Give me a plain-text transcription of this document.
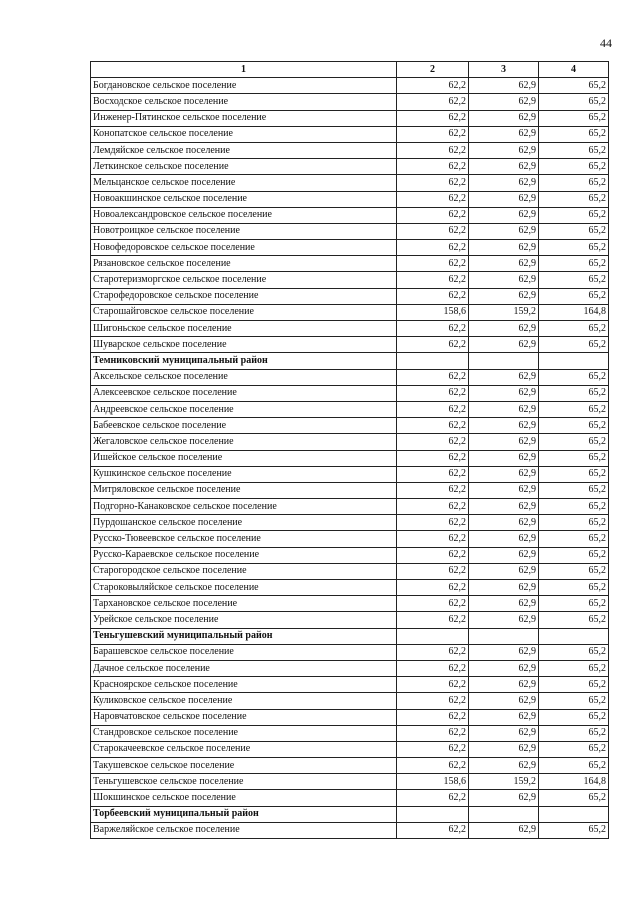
44
1	2	3	4
Богдановское сельское поселение	62,2	62,9	65,2
Восходское сельское поселение	62,2	62,9	65,2
Инженер-Пятинское сельское поселение	62,2	62,9	65,2
Конопатское сельское поселение	62,2	62,9	65,2
Лемдяйское сельское поселение	62,2	62,9	65,2
Леткинское сельское поселение	62,2	62,9	65,2
Мельцанское сельское поселение	62,2	62,9	65,2
Новоакшинское сельское поселение	62,2	62,9	65,2
Новоалександровское сельское поселение	62,2	62,9	65,2
Новотроицкое сельское поселение	62,2	62,9	65,2
Новофедоровское сельское поселение	62,2	62,9	65,2
Рязановское сельское поселение	62,2	62,9	65,2
Старотеризморгское сельское поселение	62,2	62,9	65,2
Старофедоровское сельское поселение	62,2	62,9	65,2
Старошайговское сельское поселение	158,6	159,2	164,8
Шигоньское сельское поселение	62,2	62,9	65,2
Шуварское сельское поселение	62,2	62,9	65,2
Темниковский муниципальный район			
Аксельское сельское поселение	62,2	62,9	65,2
Алексеевское сельское поселение	62,2	62,9	65,2
Андреевское сельское поселение	62,2	62,9	65,2
Бабеевское сельское поселение	62,2	62,9	65,2
Жегаловское сельское поселение	62,2	62,9	65,2
Ишейское сельское поселение	62,2	62,9	65,2
Кушкинское сельское поселение	62,2	62,9	65,2
Митряловское сельское поселение	62,2	62,9	65,2
Подгорно-Канаковское сельское поселение	62,2	62,9	65,2
Пурдошанское сельское поселение	62,2	62,9	65,2
Русско-Тювеевское сельское поселение	62,2	62,9	65,2
Русско-Караевское сельское поселение	62,2	62,9	65,2
Старогородское сельское поселение	62,2	62,9	65,2
Староковыляйское сельское поселение	62,2	62,9	65,2
Тархановское сельское поселение	62,2	62,9	65,2
Урейское сельское поселение	62,2	62,9	65,2
Теньгушевский муниципальный район			
Барашевское сельское поселение	62,2	62,9	65,2
Дачное сельское поселение	62,2	62,9	65,2
Красноярское сельское поселение	62,2	62,9	65,2
Куликовское сельское поселение	62,2	62,9	65,2
Наровчатовское сельское поселение	62,2	62,9	65,2
Стандровское сельское поселение	62,2	62,9	65,2
Старокачеевское сельское поселение	62,2	62,9	65,2
Такушевское сельское поселение	62,2	62,9	65,2
Теньгушевское сельское поселение	158,6	159,2	164,8
Шокшинское сельское поселение	62,2	62,9	65,2
Торбеевский муниципальный район			
Варжеляйское сельское поселение	62,2	62,9	65,2
